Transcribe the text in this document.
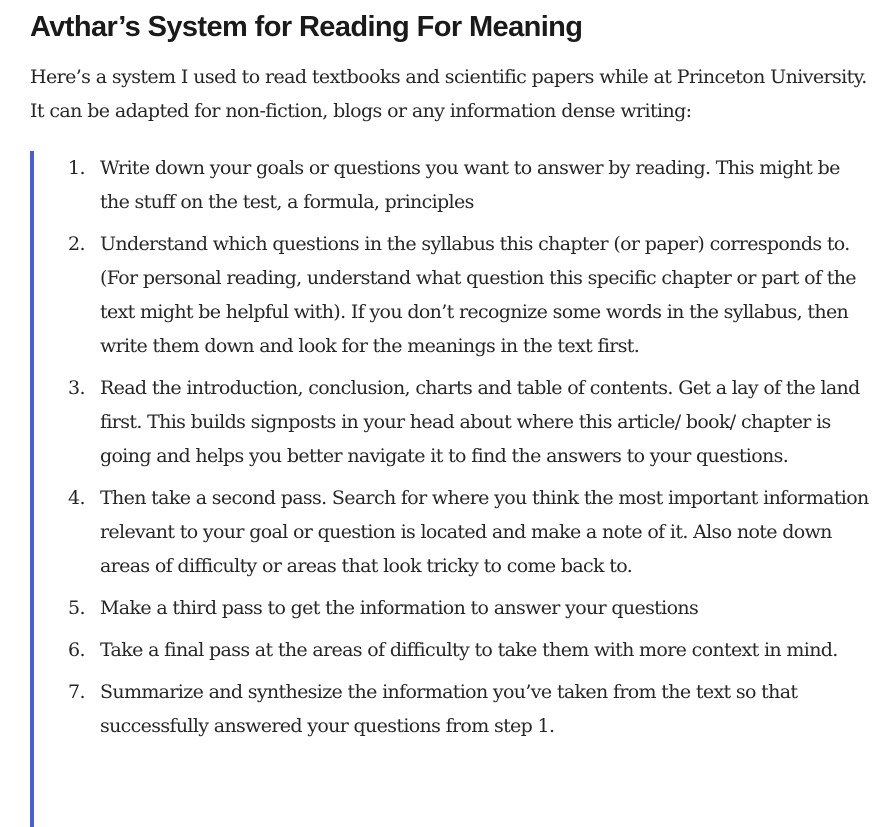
Avthar’s System for Reading For Meaning

Here’s a system I used to read textbooks and scientific papers while at Princeton University. It can be adapted for non-fiction, blogs or any information dense writing:

1. Write down your goals or questions you want to answer by reading. This might be the stuff on the test, a formula, principles
2. Understand which questions in the syllabus this chapter (or paper) corresponds to. (For personal reading, understand what question this specific chapter or part of the text might be helpful with). If you don’t recognize some words in the syllabus, then write them down and look for the meanings in the text first.
3. Read the introduction, conclusion, charts and table of contents. Get a lay of the land first. This builds signposts in your head about where this article/ book/ chapter is going and helps you better navigate it to find the answers to your questions.
4. Then take a second pass. Search for where you think the most important information relevant to your goal or question is located and make a note of it. Also note down areas of difficulty or areas that look tricky to come back to.
5. Make a third pass to get the information to answer your questions
6. Take a final pass at the areas of difficulty to take them with more context in mind.
7. Summarize and synthesize the information you’ve taken from the text so that successfully answered your questions from step 1.
